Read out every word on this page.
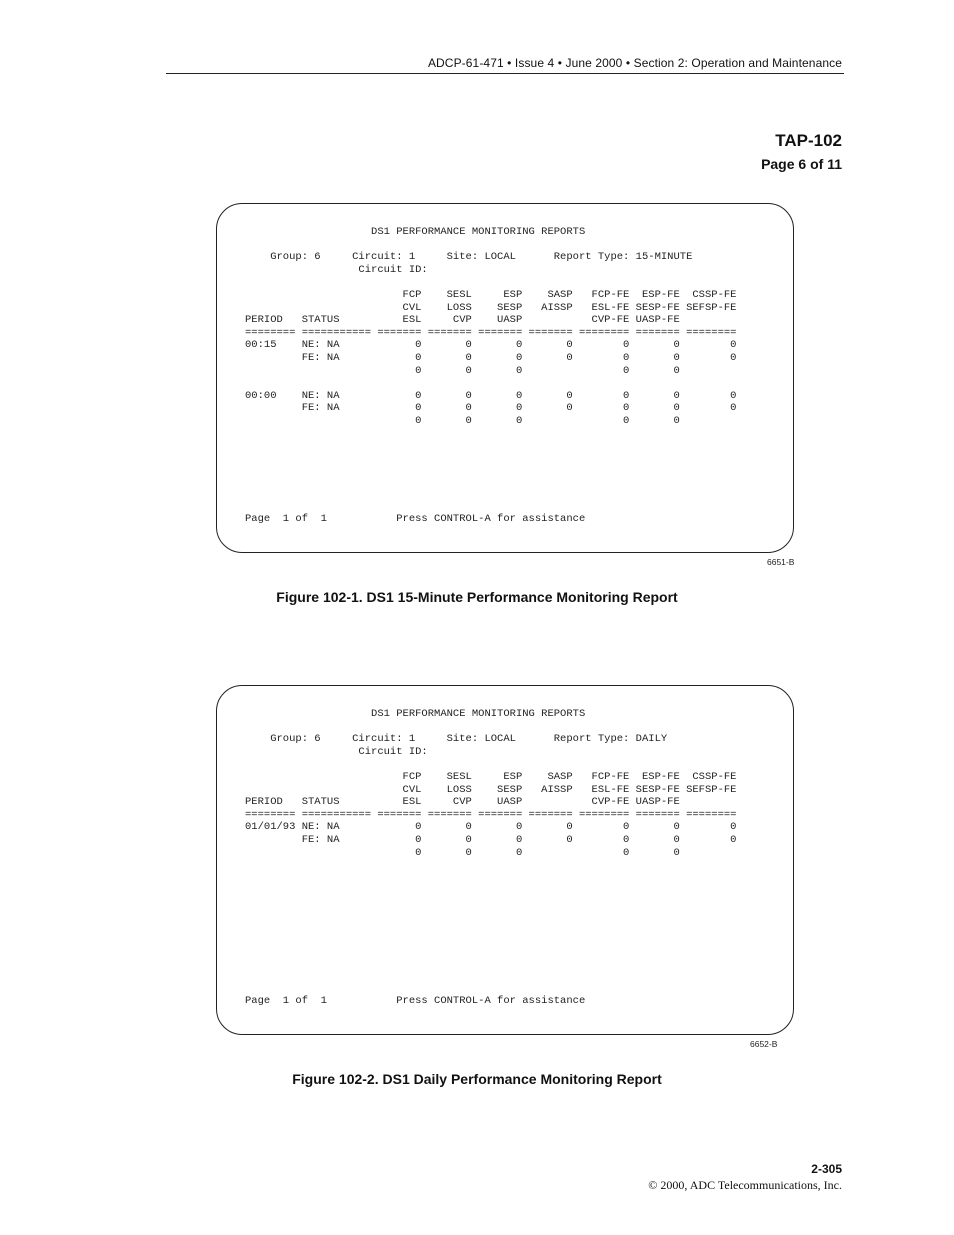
ADCP-61-471 • Issue 4 • June 2000 • Section 2: Operation and Maintenance
TAP-102
Page 6 of 11
DS1 PERFORMANCE MONITORING REPORTS

Group: 6     Circuit: 1     Site: LOCAL      Report Type: 15-MINUTE
Circuit ID:

FCP    SESL     ESP    SASP   FCP-FE  ESP-FE  CSSP-FE
CVL    LOSS    SESP   AISSP   ESL-FE SESP-FE SEFSP-FE
PERIOD   STATUS          ESL     CVP    UASP           CVP-FE UASP-FE
======== =========== ======= ======= ======= ======= ======== ======= ========
00:15    NE: NA            0       0       0       0        0       0        0
FE: NA            0       0       0       0        0       0        0
0       0       0                0       0

00:00    NE: NA            0       0       0       0        0       0        0
FE: NA            0       0       0       0        0       0        0
0       0       0                0       0
Page  1 of  1           Press CONTROL-A for assistance
6651-B
Figure 102-1. DS1 15-Minute Performance Monitoring Report
DS1 PERFORMANCE MONITORING REPORTS

Group: 6     Circuit: 1     Site: LOCAL      Report Type: DAILY
Circuit ID:

FCP    SESL     ESP    SASP   FCP-FE  ESP-FE  CSSP-FE
CVL    LOSS    SESP   AISSP   ESL-FE SESP-FE SEFSP-FE
PERIOD   STATUS          ESL     CVP    UASP           CVP-FE UASP-FE
======== =========== ======= ======= ======= ======= ======== ======= ========
01/01/93 NE: NA            0       0       0       0        0       0        0
FE: NA            0       0       0       0        0       0        0
0       0       0                0       0
Page  1 of  1           Press CONTROL-A for assistance
6652-B
Figure 102-2. DS1 Daily Performance Monitoring Report
2-305
© 2000, ADC Telecommunications, Inc.
